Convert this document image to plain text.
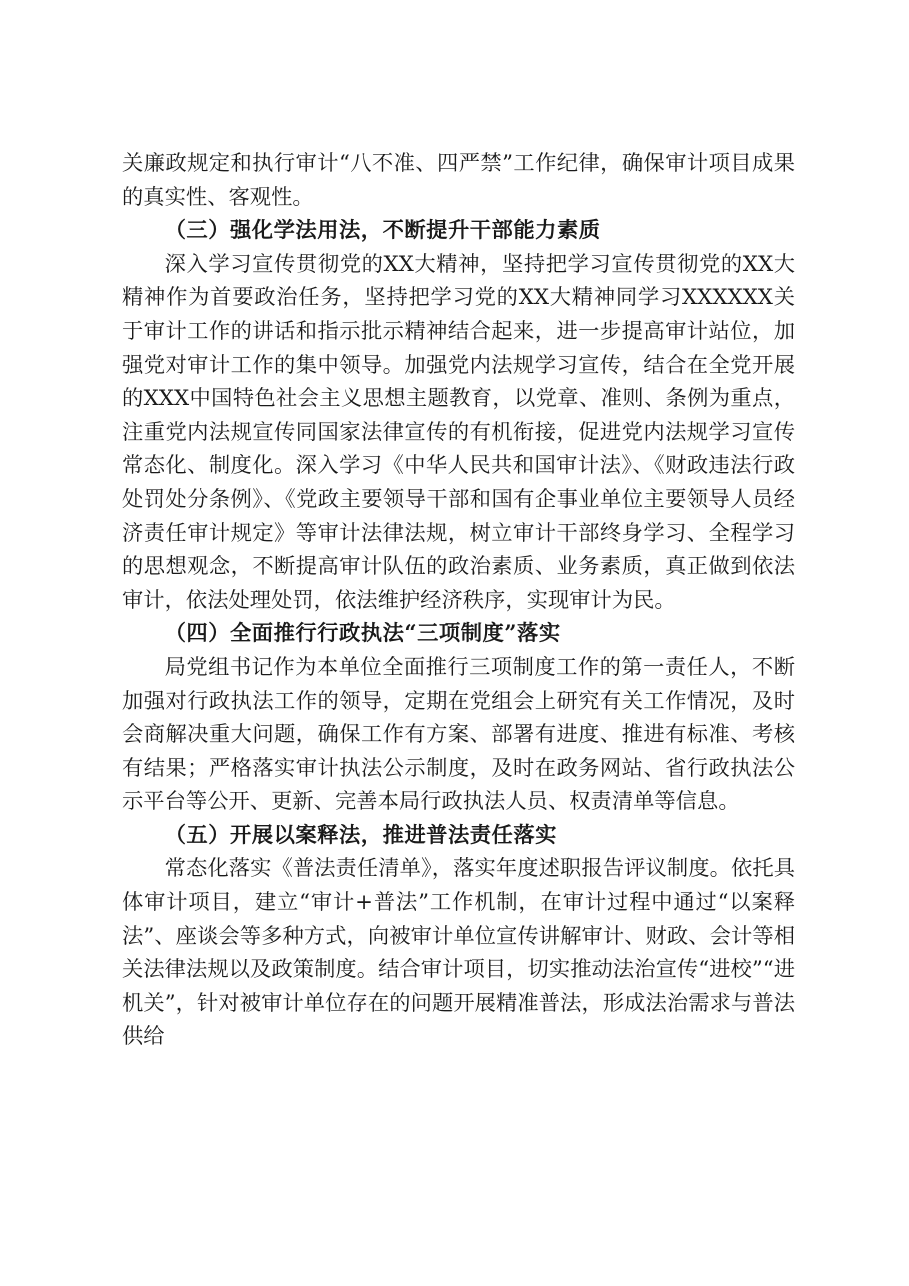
关廉政规定和执行审计“八不准、四严禁”工作纪律，确保审计项目成果的真实性、客观性。

（三）强化学法用法，不断提升干部能力素质

深入学习宣传贯彻党的XX大精神，坚持把学习宣传贯彻党的XX大精神作为首要政治任务，坚持把学习党的XX大精神同学习XXXXXX关于审计工作的讲话和指示批示精神结合起来，进一步提高审计站位，加强党对审计工作的集中领导。加强党内法规学习宣传，结合在全党开展的XXX中国特色社会主义思想主题教育，以党章、准则、条例为重点，注重党内法规宣传同国家法律宣传的有机衔接，促进党内法规学习宣传常态化、制度化。深入学习《中华人民共和国审计法》、《财政违法行政处罚处分条例》、《党政主要领导干部和国有企事业单位主要领导人员经济责任审计规定》等审计法律法规，树立审计干部终身学习、全程学习的思想观念，不断提高审计队伍的政治素质、业务素质，真正做到依法审计，依法处理处罚，依法维护经济秩序，实现审计为民。

（四）全面推行行政执法“三项制度”落实

局党组书记作为本单位全面推行三项制度工作的第一责任人，不断加强对行政执法工作的领导，定期在党组会上研究有关工作情况，及时会商解决重大问题，确保工作有方案、部署有进度、推进有标准、考核有结果；严格落实审计执法公示制度，及时在政务网站、省行政执法公示平台等公开、更新、完善本局行政执法人员、权责清单等信息。

（五）开展以案释法，推进普法责任落实

常态化落实《普法责任清单》，落实年度述职报告评议制度。依托具体审计项目，建立“审计+普法”工作机制，在审计过程中通过“以案释法”、座谈会等多种方式，向被审计单位宣传讲解审计、财政、会计等相关法律法规以及政策制度。结合审计项目，切实推动法治宣传“进校”“进机关”，针对被审计单位存在的问题开展精准普法，形成法治需求与普法供给
